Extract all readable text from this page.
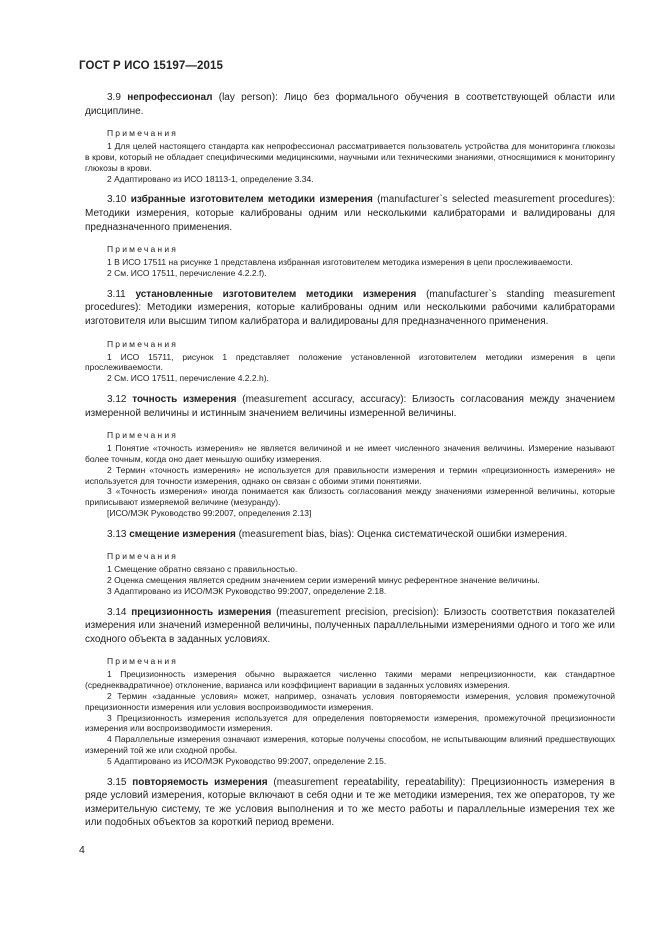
ГОСТ Р ИСО 15197—2015

3.9 непрофессионал (lay person): Лицо без формального обучения в соответствующей области или дисциплине.

Примечания

1 Для целей настоящего стандарта как непрофессионал рассматривается пользователь устройства для мониторинга глюкозы в крови, который не обладает специфическими медицинскими, научными или техническими знаниями, относящимися к мониторингу глюкозы в крови.

2 Адаптировано из ИСО 18113-1, определение 3.34.

3.10 избранные изготовителем методики измерения (manufacturer`s selected measurement procedures): Методики измерения, которые калиброваны одним или несколькими калибраторами и валидированы для предназначенного применения.

Примечания

1 В ИСО 17511 на рисунке 1 представлена избранная изготовителем методика измерения в цепи прослеживаемости.

2 См. ИСО 17511, перечисление 4.2.2.f).

3.11 установленные изготовителем методики измерения (manufacturer`s standing measurement procedures): Методики измерения, которые калиброваны одним или несколькими рабочими калибраторами изготовителя или высшим типом калибратора и валидированы для предназначенного применения.

Примечания

1 ИСО 15711, рисунок 1 представляет положение установленной изготовителем методики измерения в цепи прослеживаемости.

2 См. ИСО 17511, перечисление 4.2.2.h).

3.12 точность измерения (measurement accuracy, accuracy): Близость согласования между значением измеренной величины и истинным значением величины измеренной величины.

Примечания

1 Понятие «точность измерения» не является величиной и не имеет численного значения величины. Измерение называют более точным, когда оно дает меньшую ошибку измерения.

2 Термин «точность измерения» не используется для правильности измерения и термин «прецизионность измерения» не используется для точности измерения, однако он связан с обоими этими понятиями.

3 «Точность измерения» иногда понимается как близость согласования между значениями измеренной величины, которые приписывают измеряемой величине (мезуранду).

[ИСО/МЭК Руководство 99:2007, определения 2.13]

3.13 смещение измерения (measurement bias, bias): Оценка систематической ошибки измерения.

Примечания

1 Смещение обратно связано с правильностью.

2 Оценка смещения является средним значением серии измерений минус референтное значение величины.

3 Адаптировано из ИСО/МЭК Руководство 99:2007, определение 2.18.

3.14 прецизионность измерения (measurement precision, precision): Близость соответствия показателей измерения или значений измеренной величины, полученных параллельными измерениями одного и того же или сходного объекта в заданных условиях.

Примечания

1 Прецизионность измерения обычно выражается численно такими мерами непрецизионности, как стандартное (среднеквадратичное) отклонение, варианса или коэффициент вариации в заданных условиях измерения.

2 Термин «заданные условия» может, например, означать условия повторяемости измерения, условия промежуточной прецизионности измерения или условия воспроизводимости измерения.

3 Прецизионность измерения используется для определения повторяемости измерения, промежуточной прецизионности измерения или воспроизводимости измерения.

4 Параллельные измерения означают измерения, которые получены способом, не испытывающим влияний предшествующих измерений той же или сходной пробы.

5 Адаптировано из ИСО/МЭК Руководство 99:2007, определение 2.15.

3.15 повторяемость измерения (measurement repeatability, repeatability): Прецизионность измерения в ряде условий измерения, которые включают в себя одни и те же методики измерения, тех же операторов, ту же измерительную систему, те же условия выполнения и то же место работы и параллельные измерения тех же или подобных объектов за короткий период времени.

4
